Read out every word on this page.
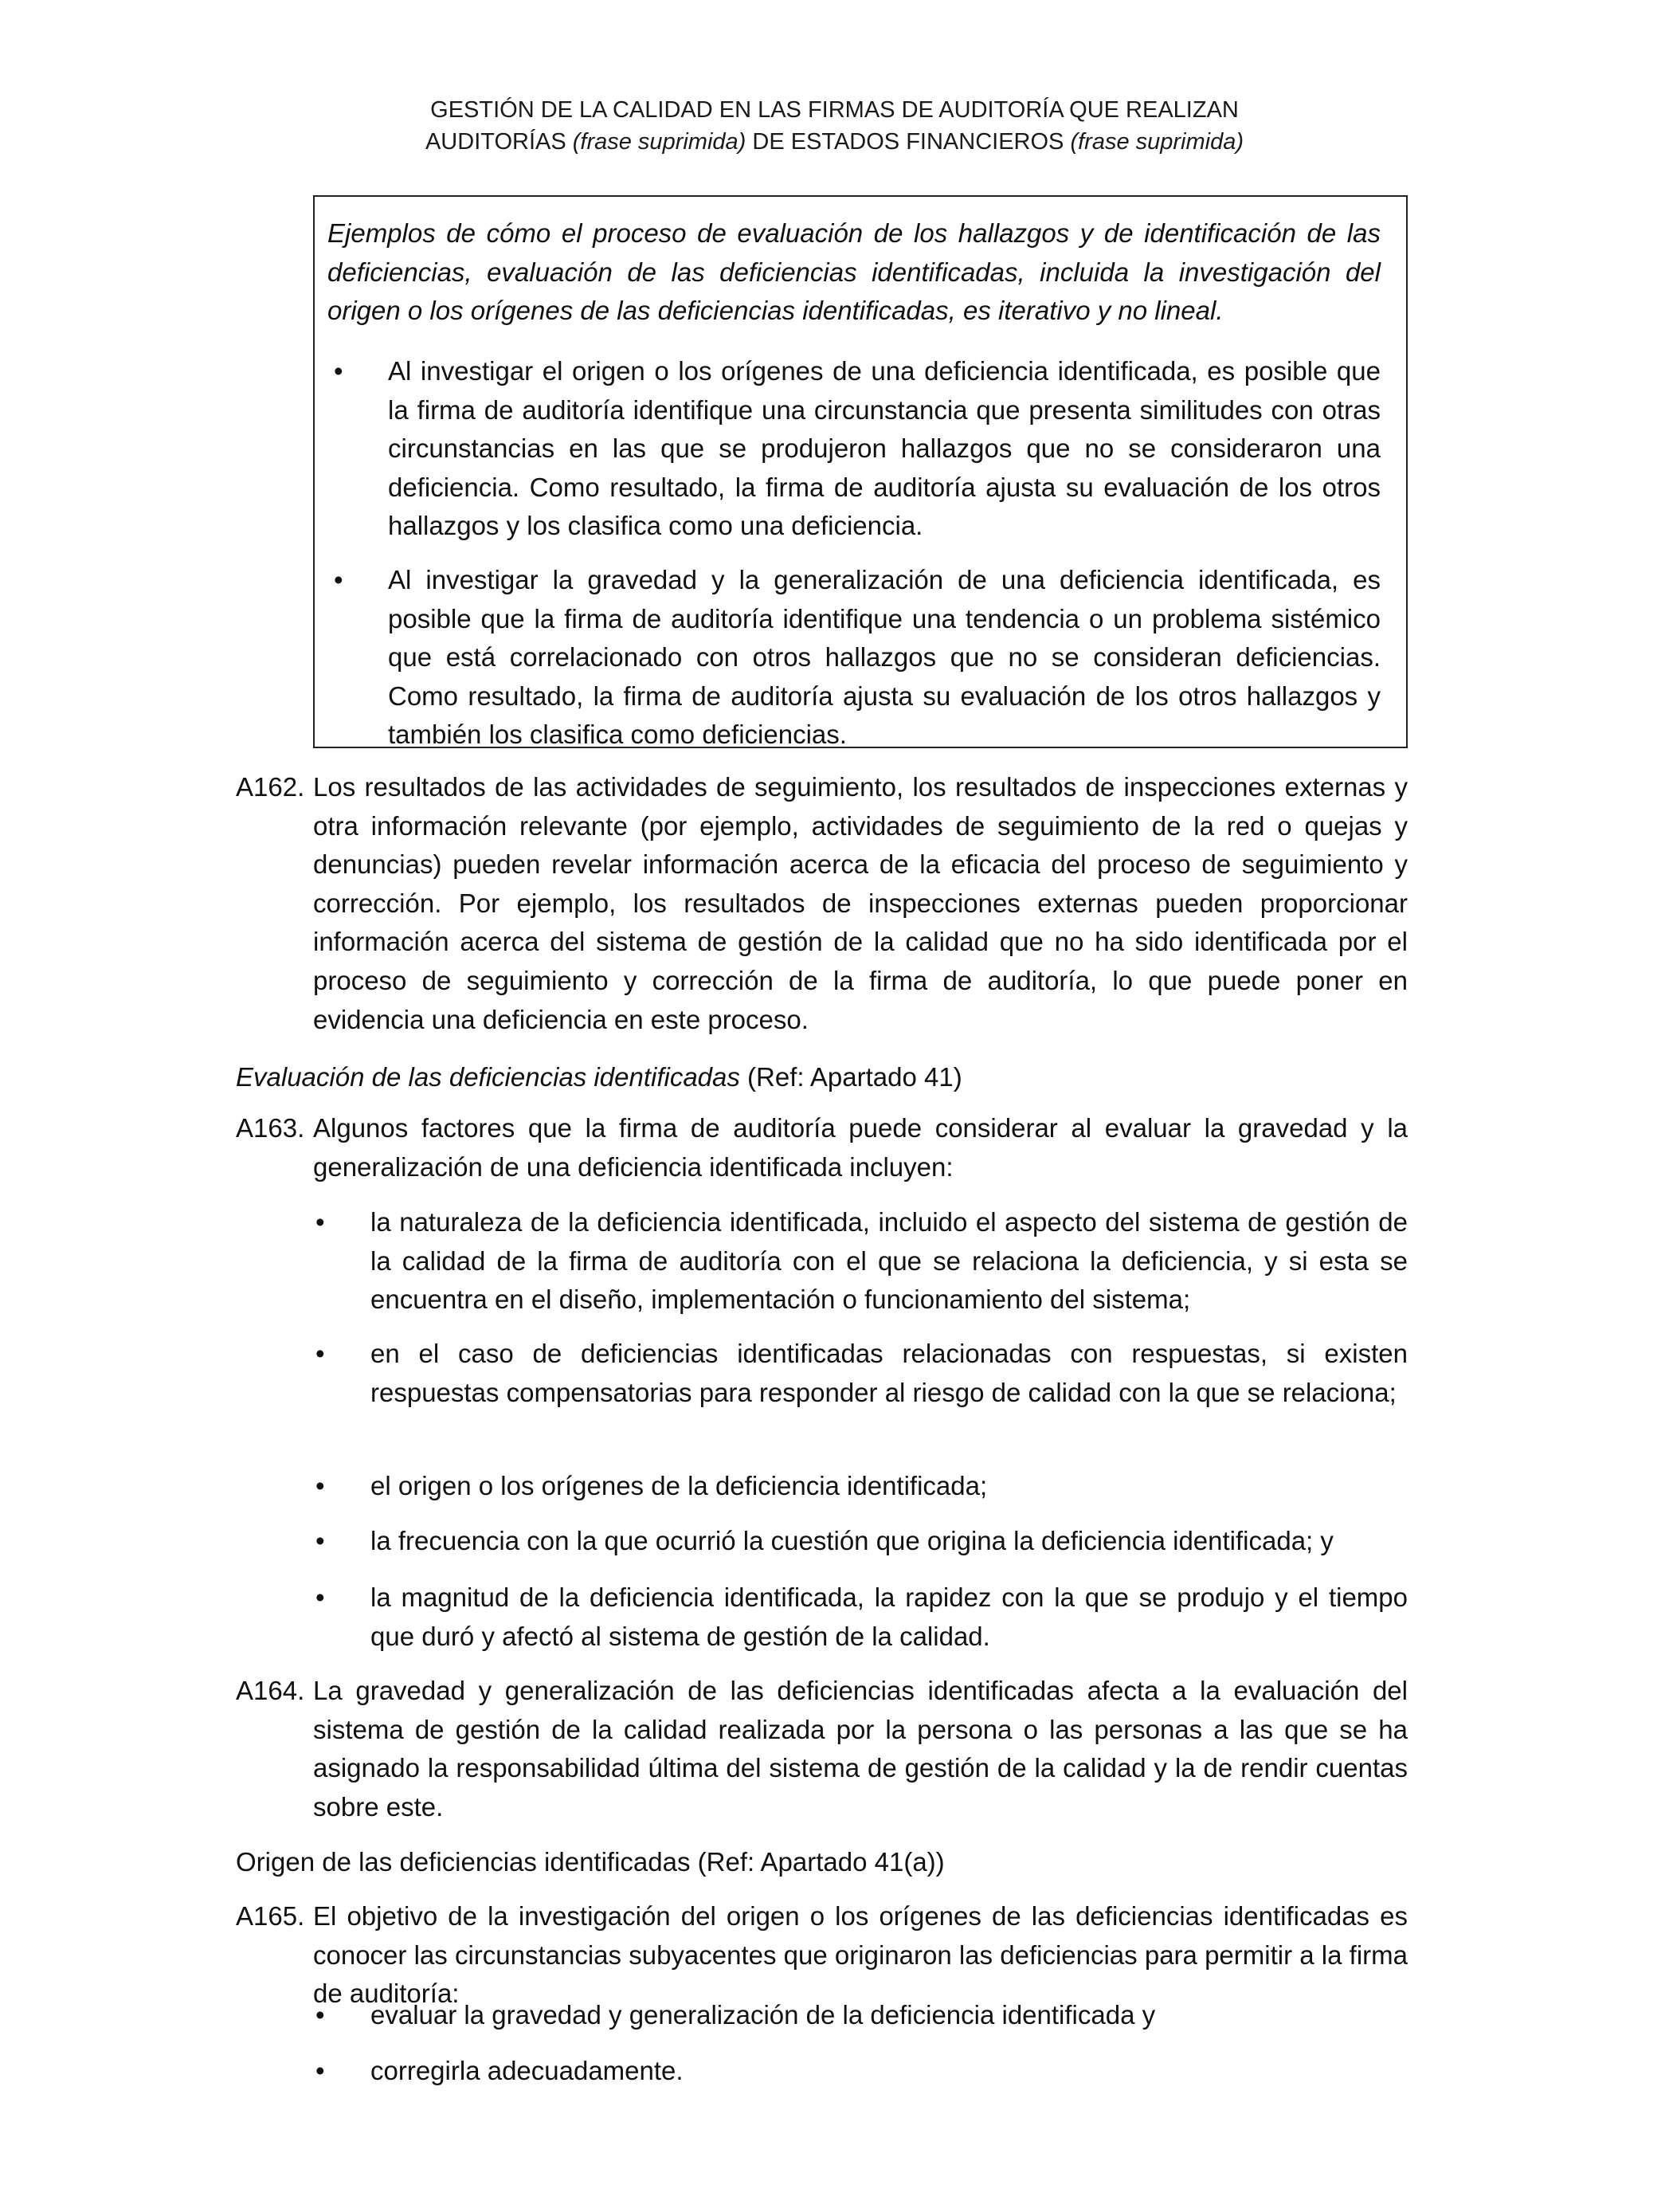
GESTIÓN DE LA CALIDAD EN LAS FIRMAS DE AUDITORÍA QUE REALIZAN
AUDITORÍAS (frase suprimida) DE ESTADOS FINANCIEROS (frase suprimida)

Ejemplos de cómo el proceso de evaluación de los hallazgos y de identificación de las deficiencias, evaluación de las deficiencias identificadas, incluida la investigación del origen o los orígenes de las deficiencias identificadas, es iterativo y no lineal.

• Al investigar el origen o los orígenes de una deficiencia identificada, es posible que la firma de auditoría identifique una circunstancia que presenta similitudes con otras circunstancias en las que se produjeron hallazgos que no se consideraron una deficiencia. Como resultado, la firma de auditoría ajusta su evaluación de los otros hallazgos y los clasifica como una deficiencia.

• Al investigar la gravedad y la generalización de una deficiencia identificada, es posible que la firma de auditoría identifique una tendencia o un problema sistémico que está correlacionado con otros hallazgos que no se consideran deficiencias. Como resultado, la firma de auditoría ajusta su evaluación de los otros hallazgos y también los clasifica como deficiencias.

A162. Los resultados de las actividades de seguimiento, los resultados de inspecciones externas y otra información relevante (por ejemplo, actividades de seguimiento de la red o quejas y denuncias) pueden revelar información acerca de la eficacia del proceso de seguimiento y corrección. Por ejemplo, los resultados de inspecciones externas pueden proporcionar información acerca del sistema de gestión de la calidad que no ha sido identificada por el proceso de seguimiento y corrección de la firma de auditoría, lo que puede poner en evidencia una deficiencia en este proceso.

Evaluación de las deficiencias identificadas (Ref: Apartado 41)

A163. Algunos factores que la firma de auditoría puede considerar al evaluar la gravedad y la generalización de una deficiencia identificada incluyen:

• la naturaleza de la deficiencia identificada, incluido el aspecto del sistema de gestión de la calidad de la firma de auditoría con el que se relaciona la deficiencia, y si esta se encuentra en el diseño, implementación o funcionamiento del sistema;

• en el caso de deficiencias identificadas relacionadas con respuestas, si existen respuestas compensatorias para responder al riesgo de calidad con la que se relaciona;

• el origen o los orígenes de la deficiencia identificada;

• la frecuencia con la que ocurrió la cuestión que origina la deficiencia identificada; y

• la magnitud de la deficiencia identificada, la rapidez con la que se produjo y el tiempo que duró y afectó al sistema de gestión de la calidad.

A164. La gravedad y generalización de las deficiencias identificadas afecta a la evaluación del sistema de gestión de la calidad realizada por la persona o las personas a las que se ha asignado la responsabilidad última del sistema de gestión de la calidad y la de rendir cuentas sobre este.

Origen de las deficiencias identificadas (Ref: Apartado 41(a))

A165. El objetivo de la investigación del origen o los orígenes de las deficiencias identificadas es conocer las circunstancias subyacentes que originaron las deficiencias para permitir a la firma de auditoría:

• evaluar la gravedad y generalización de la deficiencia identificada y

• corregirla adecuadamente.
